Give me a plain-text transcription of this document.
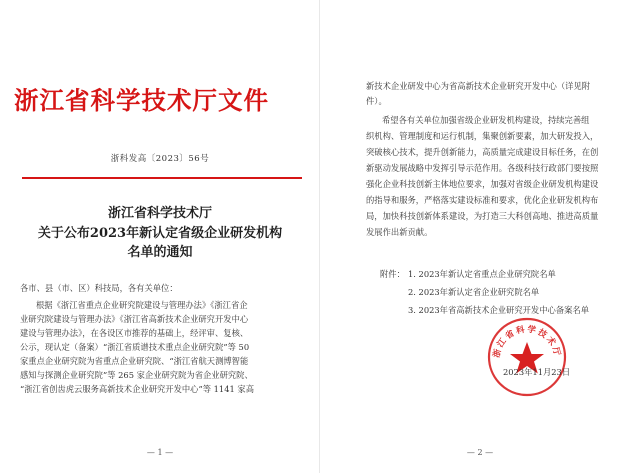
浙江省科学技术厅文件
浙科发高〔2023〕56号
浙江省科学技术厅
关于公布2023年新认定省级企业研发机构
名单的通知
各市、县（市、区）科技局，各有关单位：
根据《浙江省重点企业研究院建设与管理办法》《浙江省企
业研究院建设与管理办法》《浙江省高新技术企业研究开发中心
建设与管理办法》，在各设区市推荐的基础上，经评审、复核、
公示，现认定（备案）“浙江省质谱技术重点企业研究院”等 50
家重点企业研究院为省重点企业研究院、“浙江省航天测博智能
感知与探测企业研究院”等 265 家企业研究院为省企业研究院、
“浙江省创齿虎云服务高新技术企业研究开发中心”等 1141 家高
— 1 —
新技术企业研发中心为省高新技术企业研究开发中心（详见附
件）。
希望各有关单位加强省级企业研发机构建设，持续完善组
织机构、管理制度和运行机制，集聚创新要素，加大研发投入，
突破核心技术，提升创新能力，高质量完成建设目标任务，在创
新驱动发展战略中发挥引导示范作用。各级科技行政部门要按照
强化企业科技创新主体地位要求，加强对省级企业研发机构建设
的指导和服务，严格落实建设标准和要求，优化企业研发机构布
局，加快科技创新体系建设，为打造三大科创高地、推进高质量
发展作出新贡献。
附件： 1. 2023年新认定省重点企业研究院名单
2. 2023年新认定省企业研究院名单
3. 2023年省高新技术企业研究开发中心备案名单
浙江省科学技术厅
2023年11月23日
— 2 —
